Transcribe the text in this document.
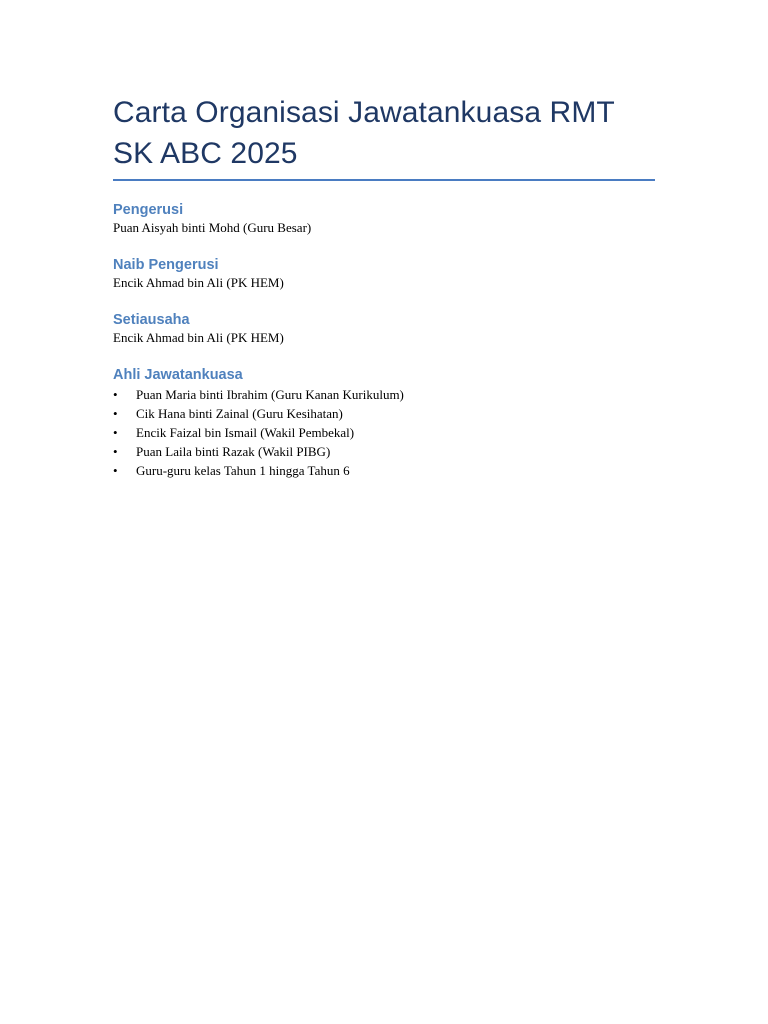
Carta Organisasi Jawatankuasa RMT SK ABC 2025

Pengerusi

Puan Aisyah binti Mohd (Guru Besar)

Naib Pengerusi

Encik Ahmad bin Ali (PK HEM)

Setiausaha

Encik Ahmad bin Ali (PK HEM)

Ahli Jawatankuasa

• Puan Maria binti Ibrahim (Guru Kanan Kurikulum)
• Cik Hana binti Zainal (Guru Kesihatan)
• Encik Faizal bin Ismail (Wakil Pembekal)
• Puan Laila binti Razak (Wakil PIBG)
• Guru-guru kelas Tahun 1 hingga Tahun 6
